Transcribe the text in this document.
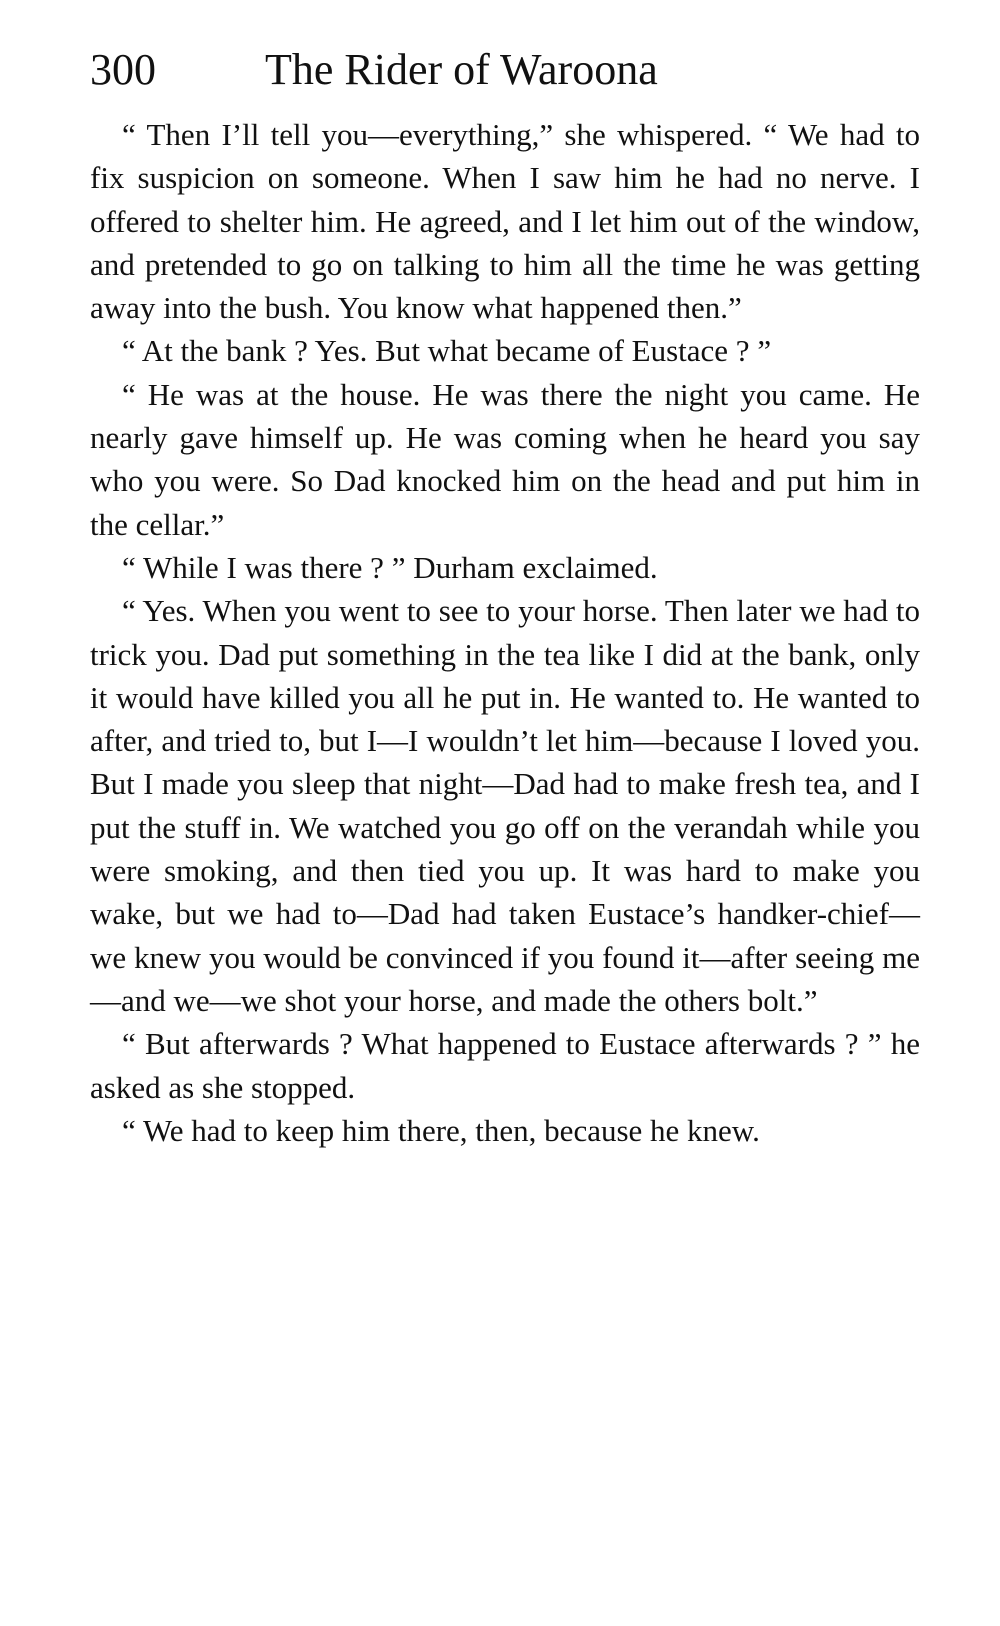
300	The Rider of Waroona

“ Then I’ll tell you—everything,” she whispered. “ We had to fix suspicion on someone. When I saw him he had no nerve. I offered to shelter him. He agreed, and I let him out of the window, and pretended to go on talking to him all the time he was getting away into the bush. You know what happened then.”

“ At the bank ? Yes. But what became of Eustace ? ”

“ He was at the house. He was there the night you came. He nearly gave himself up. He was coming when he heard you say who you were. So Dad knocked him on the head and put him in the cellar.”

“ While I was there ? ” Durham exclaimed.

“ Yes. When you went to see to your horse. Then later we had to trick you. Dad put something in the tea like I did at the bank, only it would have killed you all he put in. He wanted to. He wanted to after, and tried to, but I—I wouldn’t let him—because I loved you. But I made you sleep that night—Dad had to make fresh tea, and I put the stuff in. We watched you go off on the verandah while you were smoking, and then tied you up. It was hard to make you wake, but we had to—Dad had taken Eustace’s handker-chief—we knew you would be convinced if you found it—after seeing me—and we—we shot your horse, and made the others bolt.”

“ But afterwards ? What happened to Eustace afterwards ? ” he asked as she stopped.

“ We had to keep him there, then, because he knew.
